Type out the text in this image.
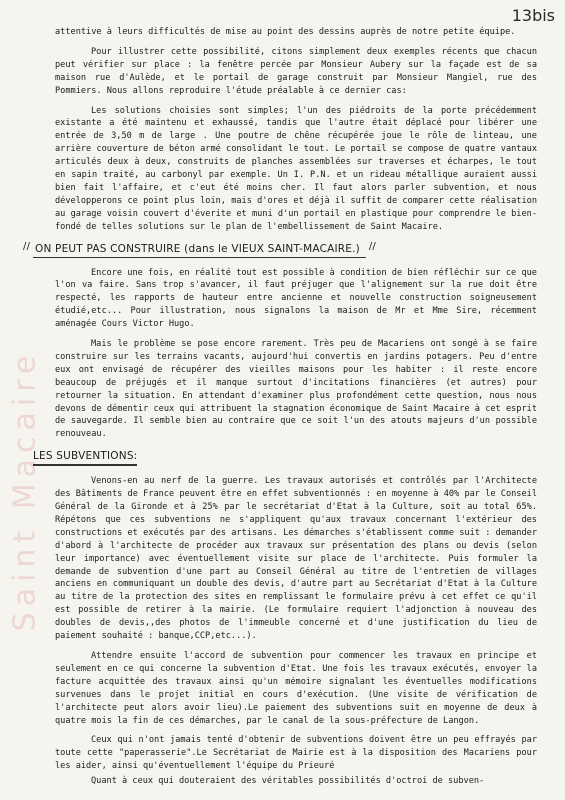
13bis
Saint Macaire

attentive à leurs difficultés de mise au point des dessins auprès de notre petite équipe.

Pour illustrer cette possibilité, citons simplement deux exemples récents que chacun peut vérifier sur place : la fenêtre percée par Monsieur Aubery sur la façade est de sa maison rue d'Aulède, et le portail de garage construit par Monsieur Mangiel, rue des Pommiers. Nous allons reproduire l'étude préalable à ce dernier cas:

Les solutions choisies sont simples; l'un des piédroits de la porte précédemment existante a été maintenu et exhaussé, tandis que l'autre était déplacé pour libérer une entrée de 3,50 m de large . Une poutre de chêne récupérée joue le rôle de linteau, une arrière couverture de béton armé consolidant le tout. Le portail se compose de quatre vantaux articulés deux à deux, construits de planches assemblées sur traverses et écharpes, le tout en sapin traité, au carbonyl par exemple. Un I. P.N. et un rideau métallique auraient aussi bien fait l'affaire, et c'eut été moins cher. Il faut alors parler subvention, et nous développerons ce point plus loin, mais d'ores et déjà il suffit de comparer cette réalisation au garage voisin couvert d'éverite et muni d'un portail en plastique pour comprendre le bien-fondé de telles solutions sur le plan de l'embellissement de Saint Macaire.

// ON PEUT PAS CONSTRUIRE (dans le VIEUX SAINT-MACAIRE.) //

Encore une fois, en réalité tout est possible à condition de bien réfléchir sur ce que l'on va faire. Sans trop s'avancer, il faut préjuger que l'alignement sur la rue doit être respecté, les rapports de hauteur entre ancienne et nouvelle construction soigneusement étudié,etc... Pour illustration, nous signalons la maison de Mr et Mme Sire, récemment aménagée Cours Victor Hugo.

Mais le problème se pose encore rarement. Très peu de Macariens ont songé à se faire construire sur les terrains vacants, aujourd'hui convertis en jardins potagers. Peu d'entre eux ont envisagé de récupérer des vieilles maisons pour les habiter : il reste encore beaucoup de préjugés et il manque surtout d'incitations financières (et autres) pour retourner la situation. En attendant d'examiner plus profondément cette question, nous nous devons de démentir ceux qui attribuent la stagnation économique de Saint Macaire à cet esprit de sauvegarde. Il semble bien au contraire que ce soit l'un des atouts majeurs d'un possible renouveau.

LES SUBVENTIONS:

Venons-en au nerf de la guerre. Les travaux autorisés et contrôlés par l'Architecte des Bâtiments de France peuvent être en effet subventionnés : en moyenne à 40% par le Conseil Général de la Gironde et à 25% par le secrétariat d'Etat à la Culture, soit au total 65%. Répétons que ces subventions ne s'appliquent qu'aux travaux concernant l'extérieur des constructions et exécutés par des artisans. Les démarches s'établissent comme suit : demander d'abord à l'architecte de procéder aux travaux sur présentation des plans ou devis (selon leur importance) avec éventuellement visite sur place de l'architecte. Puis formuler la demande de subvention d'une part au Conseil Général au titre de l'entretien de villages anciens en communiquant un double des devis, d'autre part au Secrétariat d'Etat à la Culture au titre de la protection des sites en remplissant le formulaire prévu à cet effet ce qu'il est possible de retirer à la mairie. (Le formulaire requiert l'adjonction à nouveau des doubles de devis,,des photos de l'immeuble concerné et d'une justification du lieu de paiement souhaité : banque,CCP,etc...).

Attendre ensuite l'accord de subvention pour commencer les travaux en principe et seulement en ce qui concerne la subvention d'Etat. Une fois les travaux exécutés, envoyer la facture acquittée des travaux ainsi qu'un mémoire signalant les éventuelles modifications survenues dans le projet initial en cours d'exécution. (Une visite de vérification de l'architecte peut alors avoir lieu).Le paiement des subventions suit en moyenne de deux à quatre mois la fin de ces démarches, par le canal de la sous-préfecture de Langon.

Ceux qui n'ont jamais tenté d'obtenir de subventions doivent être un peu effrayés par toute cette "paperasserie".Le Secrétariat de Mairie est à la disposition des Macariens pour les aider, ainsi qu'éventuellement l'équipe du Prieuré

Quant à ceux qui douteraient des véritables possibilités d'octroi de subven-
